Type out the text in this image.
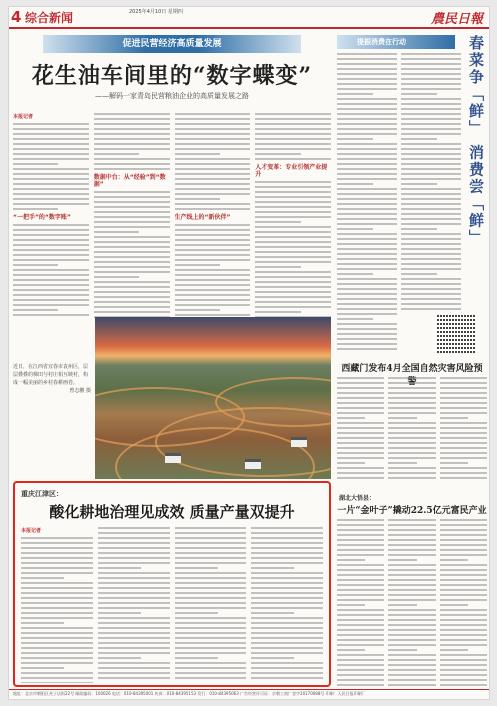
4 综合新闻	2025年4月10日 星期四	農民日報
促进民营经济高质量发展
花生油车间里的“数字蝶变”
——解码一家青岛民营粮油企业的高质量发展之路
本报记者
“一把手”的“数字账”
数据中台：从“经验”到“数据”
生产线上的“新伙伴”
人才变革：专业引领产业提升
近日，在江西省宜春市袁州区，层层叠叠的梯田与村庄相互映衬，构成一幅美丽的乡村春耕画卷。
曾志鹏 摄
重庆江津区：
酸化耕地治理见成效 质量产量双提升
本报记者
提振消费在行动	春菜争「鲜」 消费尝「鲜」
西藏门发布4月全国自然灾害风险预
湖北大悟县：
一片“金叶子”撬动22.5亿元富民产业
地址：北京市朝阳区麦子店街22号 邮政编码：100026 电话：010-84395001 传真：010-84395153 发行：010-84395063 广告经营许可证：京朝工商广登字20170088号 印刷：人民日报印刷厂
